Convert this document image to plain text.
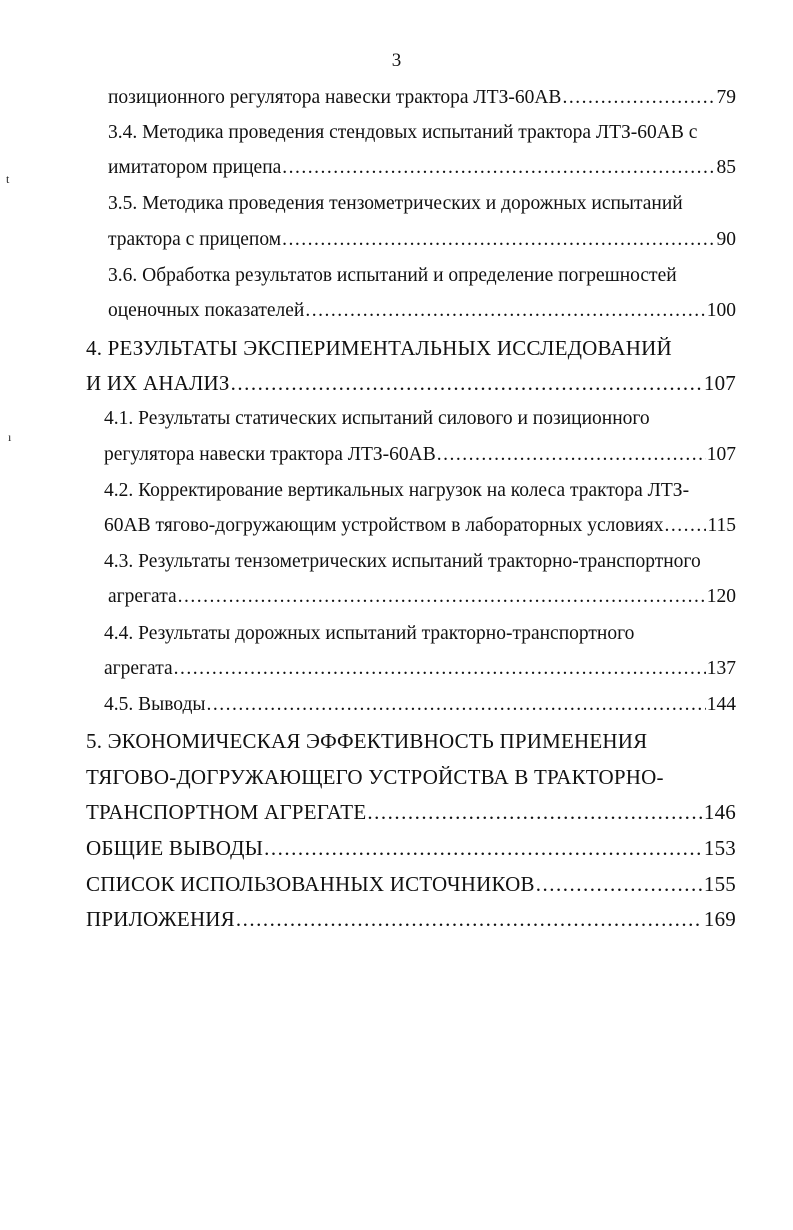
3
t
ı
позиционного регулятора навески трактора ЛТЗ-60АВ .....	79
3.4. Методика проведения стендовых испытаний трактора ЛТЗ-60АВ с
имитатором прицепа .....	85
3.5. Методика проведения тензометрических и дорожных испытаний
трактора с прицепом .....	90
3.6. Обработка результатов испытаний и определение погрешностей
оценочных показателей .....	100
4. РЕЗУЛЬТАТЫ ЭКСПЕРИМЕНТАЛЬНЫХ ИССЛЕДОВАНИЙ
И ИХ АНАЛИЗ .....	107
4.1. Результаты статических испытаний силового и позиционного
регулятора навески трактора ЛТЗ-60АВ .....	107
4.2. Корректирование вертикальных нагрузок на колеса трактора ЛТЗ-
60АВ тягово-догружающим устройством в лабораторных условиях ..... 115
4.3. Результаты тензометрических испытаний тракторно-транспортного
агрегата .....	120
4.4. Результаты дорожных испытаний тракторно-транспортного
агрегата .....	137
4.5. Выводы .....	144
5. ЭКОНОМИЧЕСКАЯ ЭФФЕКТИВНОСТЬ ПРИМЕНЕНИЯ
ТЯГОВО-ДОГРУЖАЮЩЕГО УСТРОЙСТВА В ТРАКТОРНО-
ТРАНСПОРТНОМ АГРЕГАТЕ .....	146
ОБЩИЕ ВЫВОДЫ .....	153
СПИСОК ИСПОЛЬЗОВАННЫХ ИСТОЧНИКОВ .....	155
ПРИЛОЖЕНИЯ .....	169
